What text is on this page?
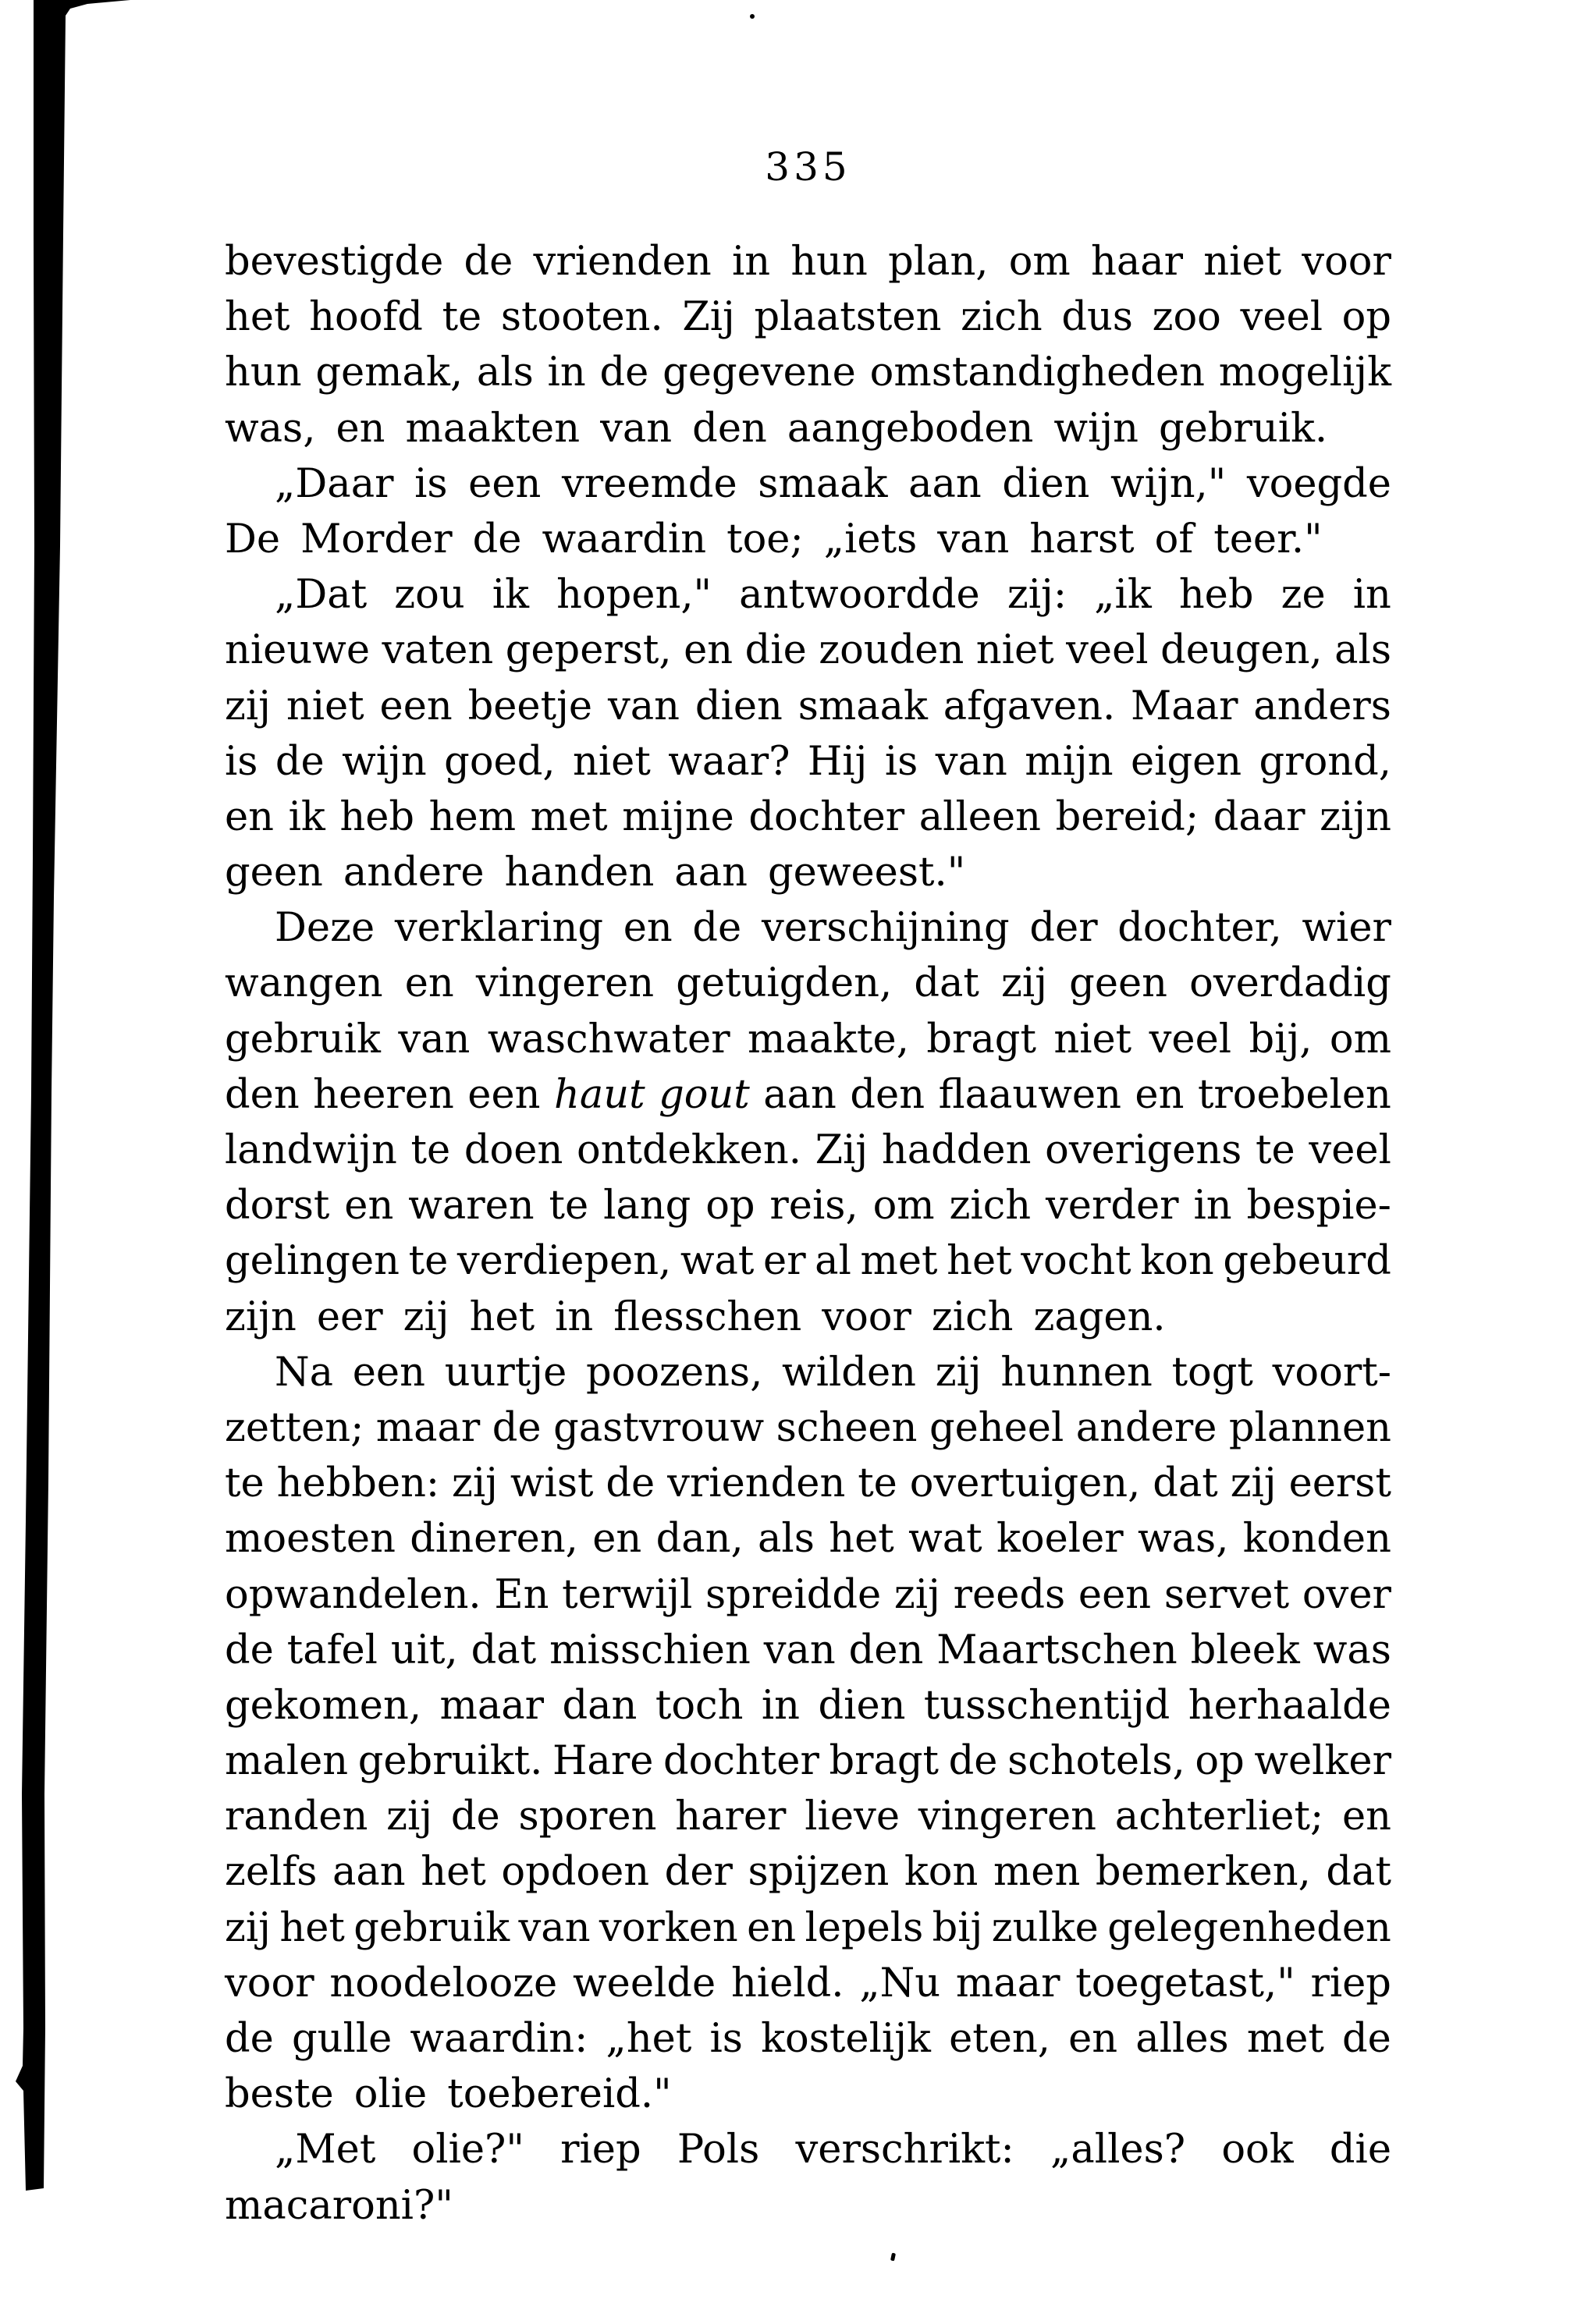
335
bevestigde de vrienden in hun plan, om haar niet voor
het hoofd te stooten. Zij plaatsten zich dus zoo veel op
hun gemak, als in de gegevene omstandigheden mogelijk
was, en maakten van den aangeboden wijn gebruik.
„Daar is een vreemde smaak aan dien wijn," voegde
De Morder de waardin toe; „iets van harst of teer."
„Dat zou ik hopen," antwoordde zij: „ik heb ze in
nieuwe vaten geperst, en die zouden niet veel deugen, als
zij niet een beetje van dien smaak afgaven. Maar anders
is de wijn goed, niet waar? Hij is van mijn eigen grond,
en ik heb hem met mijne dochter alleen bereid; daar zijn
geen andere handen aan geweest."
Deze verklaring en de verschijning der dochter, wier
wangen en vingeren getuigden, dat zij geen overdadig
gebruik van waschwater maakte, bragt niet veel bij, om
den heeren een haut gout aan den flaauwen en troebelen
landwijn te doen ontdekken. Zij hadden overigens te veel
dorst en waren te lang op reis, om zich verder in bespie-
gelingen te verdiepen, wat er al met het vocht kon gebeurd
zijn eer zij het in flesschen voor zich zagen.
Na een uurtje poozens, wilden zij hunnen togt voort-
zetten; maar de gastvrouw scheen geheel andere plannen
te hebben: zij wist de vrienden te overtuigen, dat zij eerst
moesten dineren, en dan, als het wat koeler was, konden
opwandelen. En terwijl spreidde zij reeds een servet over
de tafel uit, dat misschien van den Maartschen bleek was
gekomen, maar dan toch in dien tusschentijd herhaalde
malen gebruikt. Hare dochter bragt de schotels, op welker
randen zij de sporen harer lieve vingeren achterliet; en
zelfs aan het opdoen der spijzen kon men bemerken, dat
zij het gebruik van vorken en lepels bij zulke gelegenheden
voor noodelooze weelde hield. „Nu maar toegetast," riep
de gulle waardin: „het is kostelijk eten, en alles met de
beste olie toebereid."
„Met olie?" riep Pols verschrikt: „alles? ook die
macaroni?"
